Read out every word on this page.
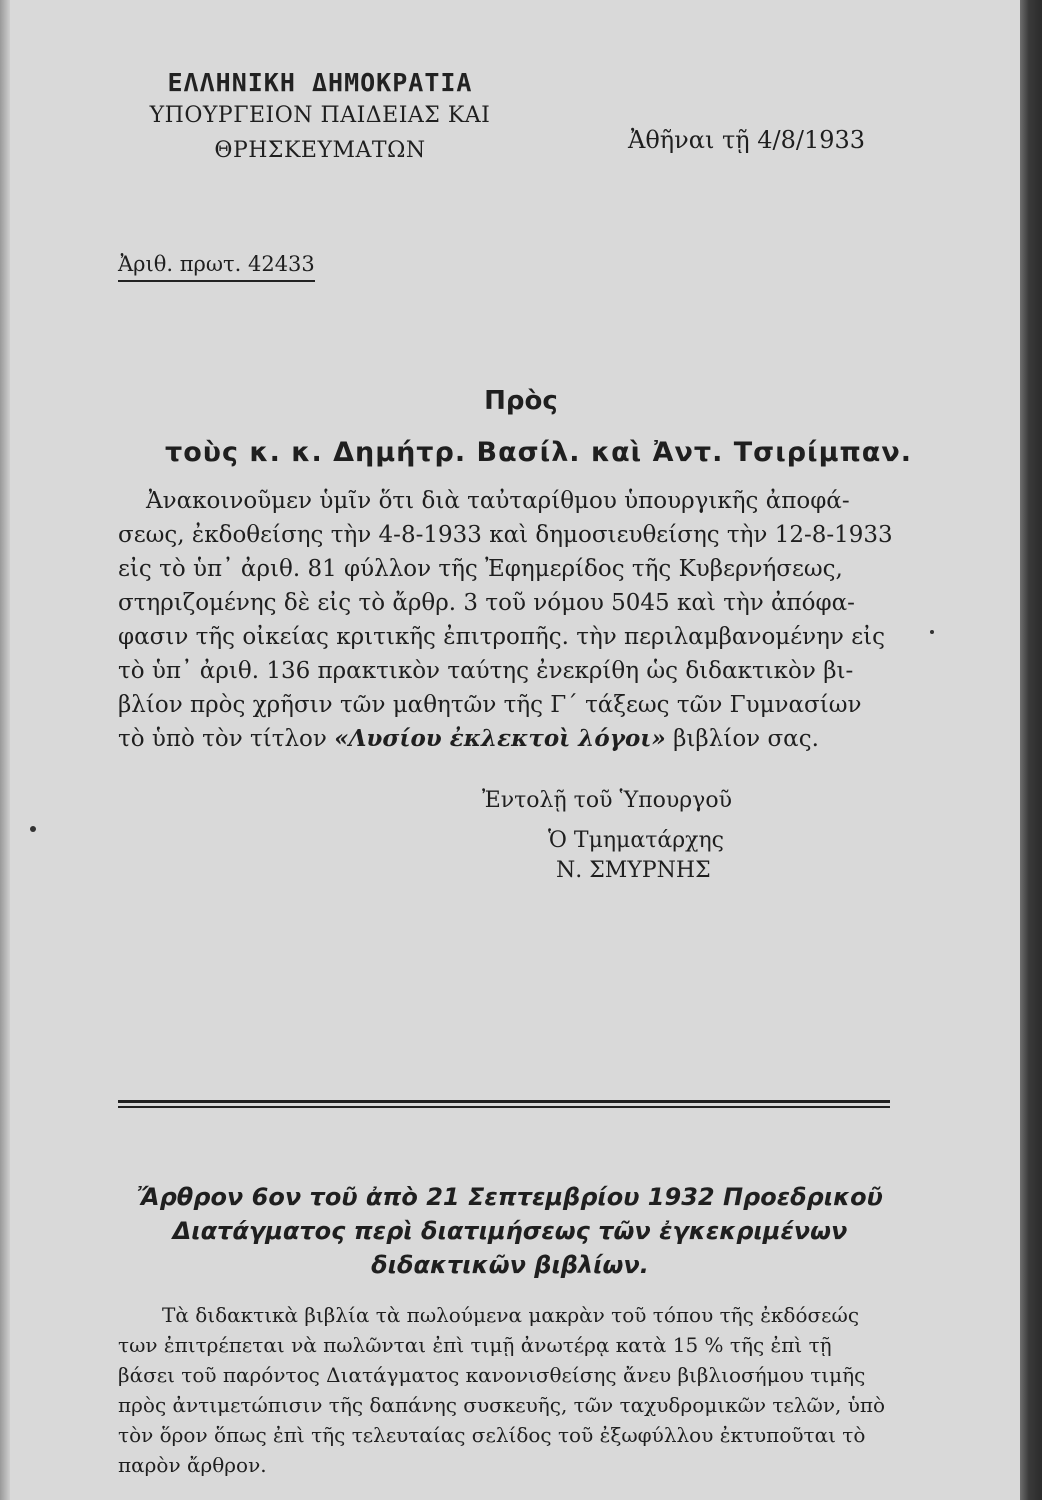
ΕΛΛΗΝΙΚΗ ΔΗΜΟΚΡΑΤΙΑ
ΥΠΟΥΡΓΕΙΟΝ ΠΑΙΔΕΙΑΣ ΚΑΙ
ΘΡΗΣΚΕΥΜΑΤΩΝ	Ἀθῆναι τῇ 4/8/1933
Ἀριθ. πρωτ. 42433
Πρὸς
τοὺς κ. κ. Δημήτρ. Βασίλ. καὶ Ἀντ. Τσιρίμπαν.
Ἀνακοινοῦμεν ὑμῖν ὅτι διὰ ταὐταρίθμου ὑπουργικῆς ἀποφά-
σεως, ἐκδοθείσης τὴν 4-8-1933 καὶ δημοσιευθείσης τὴν 12-8-1933
εἰς τὸ ὑπ᾽ ἀριθ. 81 φύλλον τῆς Ἐφημερίδος τῆς Κυβερνήσεως,
στηριζομένης δὲ εἰς τὸ ἄρθρ. 3 τοῦ νόμου 5045 καὶ τὴν ἀπόφα-
φασιν τῆς οἰκείας κριτικῆς ἐπιτροπῆς. τὴν περιλαμβανομένην εἰς
τὸ ὑπ᾽ ἀριθ. 136 πρακτικὸν ταύτης ἐνεκρίθη ὡς διδακτικὸν βι-
βλίον πρὸς χρῆσιν τῶν μαθητῶν τῆς Γ΄ τάξεως τῶν Γυμνασίων
τὸ ὑπὸ τὸν τίτλον «Λυσίου ἐκλεκτοὶ λόγοι» βιβλίον σας.
Ἐντολῇ τοῦ Ὑπουργοῦ
Ὁ Τμηματάρχης
Ν. ΣΜΥΡΝΗΣ
Ἄρθρον 6ον τοῦ ἀπὸ 21 Σεπτεμβρίου 1932 Προεδρικοῦ
Διατάγματος περὶ διατιμήσεως τῶν ἐγκεκριμένων
διδακτικῶν βιβλίων.
Τὰ διδακτικὰ βιβλία τὰ πωλούμενα μακρὰν τοῦ τόπου τῆς ἐκδόσεώς
των ἐπιτρέπεται νὰ πωλῶνται ἐπὶ τιμῇ ἀνωτέρᾳ κατὰ 15 % τῆς ἐπὶ τῇ
βάσει τοῦ παρόντος Διατάγματος κανονισθείσης ἄνευ βιβλιοσήμου τιμῆς
πρὸς ἀντιμετώπισιν τῆς δαπάνης συσκευῆς, τῶν ταχυδρομικῶν τελῶν, ὑπὸ
τὸν ὅρον ὅπως ἐπὶ τῆς τελευταίας σελίδος τοῦ ἐξωφύλλου ἐκτυποῦται τὸ
παρὸν ἄρθρον.
